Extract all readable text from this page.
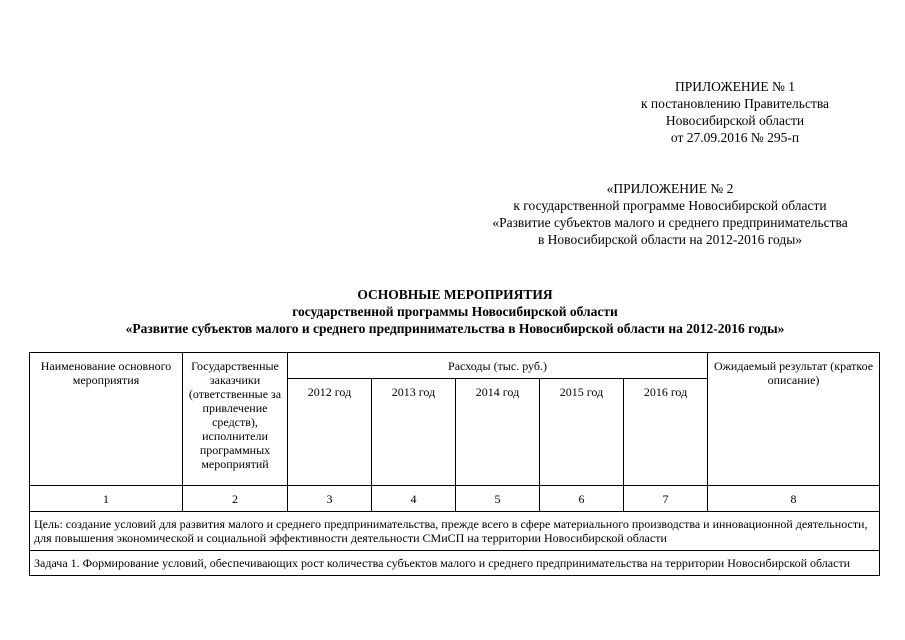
ПРИЛОЖЕНИЕ № 1
к постановлению Правительства
Новосибирской области
от 27.09.2016 № 295-п
«ПРИЛОЖЕНИЕ № 2
к государственной программе Новосибирской области
«Развитие субъектов малого и среднего предпринимательства
в Новосибирской области на 2012-2016 годы»
ОСНОВНЫЕ МЕРОПРИЯТИЯ
государственной программы Новосибирской области
«Развитие субъектов малого и среднего предпринимательства в Новосибирской области на 2012-2016 годы»
Наименование основного мероприятия	Государственные заказчики (ответственные за привлечение средств), исполнители программных мероприятий	Расходы (тыс. руб.)					Ожидаемый результат (краткое описание)
		2012 год	2013 год	2014 год	2015 год	2016 год	
1	2	3	4	5	6	7	8
Цель: создание условий для развития малого и среднего предпринимательства, прежде всего в сфере материального производства и инновационной деятельности, для повышения экономической и социальной эффективности деятельности СМиСП на территории Новосибирской области							
Задача 1. Формирование условий, обеспечивающих рост количества субъектов малого и среднего предпринимательства на территории Новосибирской области							
